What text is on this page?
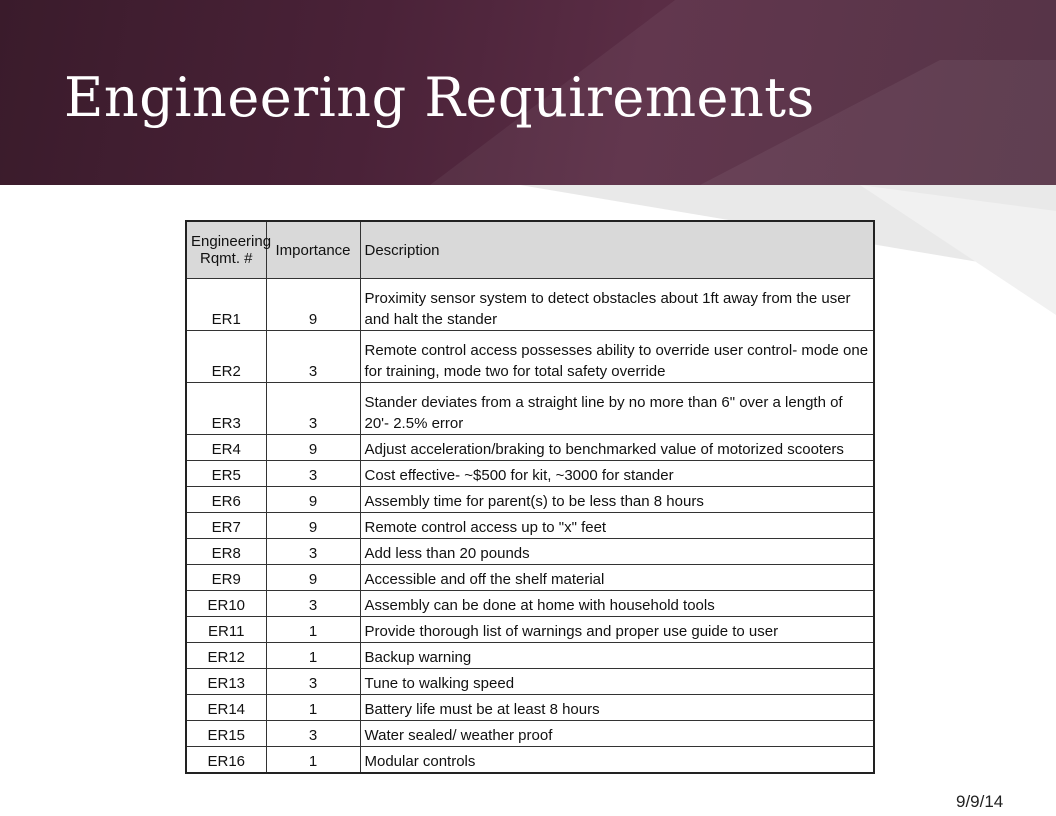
Engineering Requirements
Engineering Rqmt. #	Importance	Description
ER1	9	Proximity sensor system to detect obstacles about 1ft away from the user and halt the stander
ER2	3	Remote control access possesses ability to override user control- mode one for training, mode two for total safety override
ER3	3	Stander deviates from a straight line by no more than 6" over a length of 20'- 2.5% error
ER4	9	Adjust acceleration/braking to benchmarked value of motorized scooters
ER5	3	Cost effective- ~$500 for kit, ~3000 for stander
ER6	9	Assembly time for parent(s) to be less than 8 hours
ER7	9	Remote control access up to "x" feet
ER8	3	Add less than 20 pounds
ER9	9	Accessible and off the shelf material
ER10	3	Assembly can be done at home with household tools
ER11	1	Provide thorough list of warnings and proper use guide to user
ER12	1	Backup warning
ER13	3	Tune to walking speed
ER14	1	Battery life must be at least 8 hours
ER15	3	Water sealed/ weather proof
ER16	1	Modular controls
9/9/14
